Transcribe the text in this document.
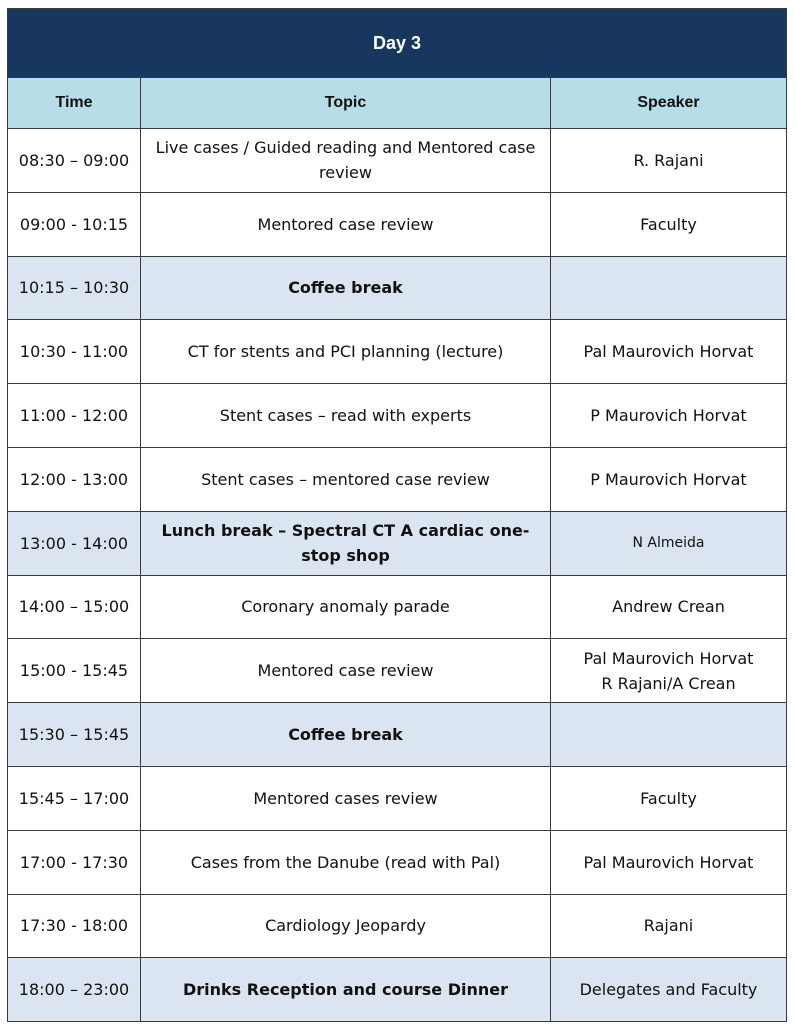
Day 3		
Time	Topic	Speaker
08:30 – 09:00	Live cases / Guided reading and Mentored case review	R. Rajani

09:00 - 10:15	Mentored case review	Faculty

10:15 – 10:30	Coffee break	
10:30 - 11:00	CT for stents and PCI planning (lecture)	Pal Maurovich Horvat

11:00 - 12:00	Stent cases – read with experts	P Maurovich Horvat

12:00 - 13:00	Stent cases – mentored case review	P Maurovich Horvat

13:00 - 14:00	Lunch break – Spectral CT A cardiac one-stop shop	N Almeida

14:00 – 15:00	Coronary anomaly parade	Andrew Crean

15:00 - 15:45	Mentored case review	Pal Maurovich Horvat
R Rajani/A Crean

15:30 – 15:45	Coffee break	
15:45 – 17:00	Mentored cases review	Faculty

17:00 - 17:30	Cases from the Danube (read with Pal)	Pal Maurovich Horvat

17:30 - 18:00	Cardiology Jeopardy	Rajani

18:00 – 23:00	Drinks Reception and course Dinner	Delegates and Faculty
